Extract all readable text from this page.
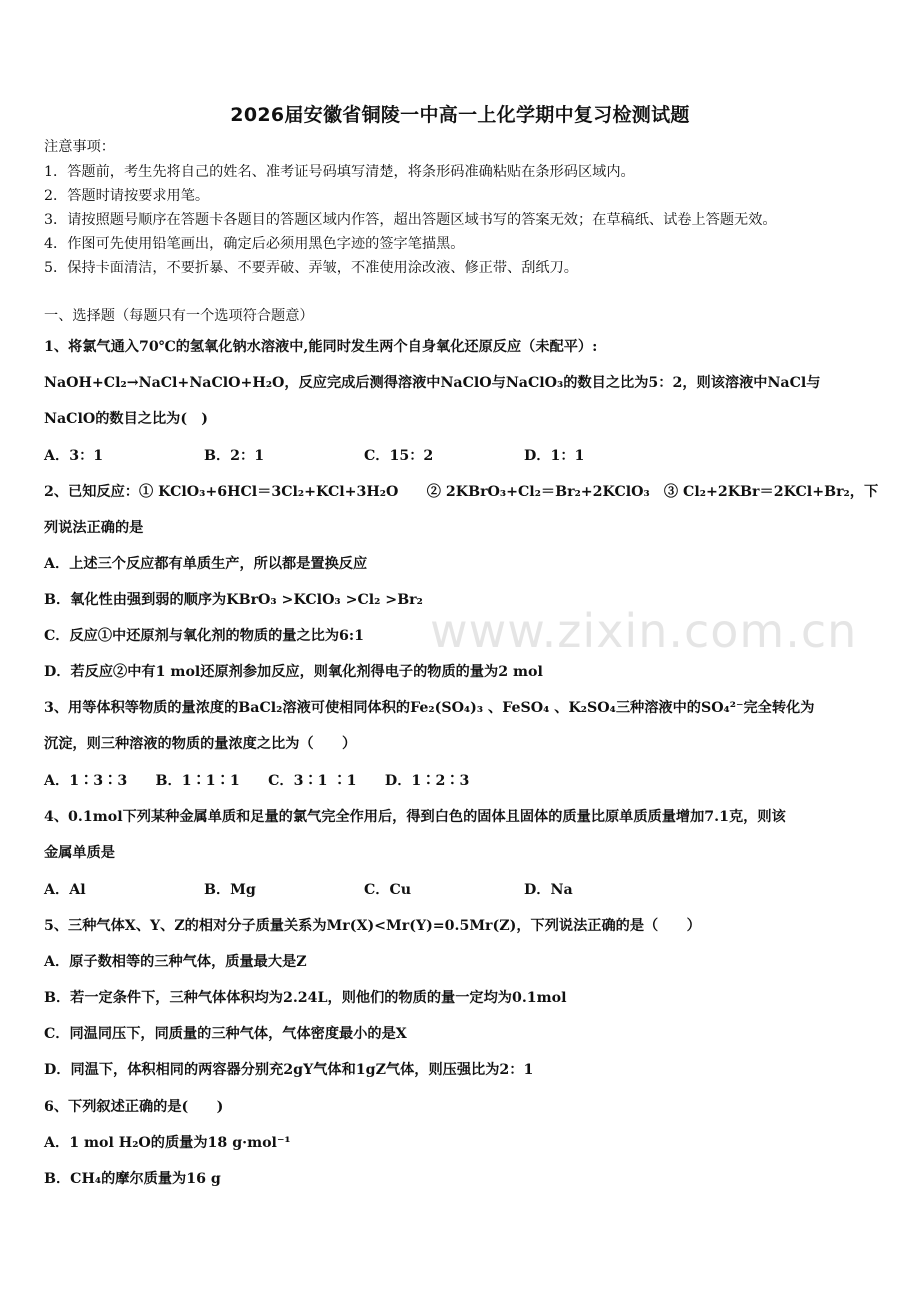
2026届安徽省铜陵一中高一上化学期中复习检测试题
注意事项：
1．答题前，考生先将自己的姓名、准考证号码填写清楚，将条形码准确粘贴在条形码区域内。
2．答题时请按要求用笔。
3．请按照题号顺序在答题卡各题目的答题区域内作答，超出答题区域书写的答案无效；在草稿纸、试卷上答题无效。
4．作图可先使用铅笔画出，确定后必须用黑色字迹的签字笔描黑。
5．保持卡面清洁，不要折暴、不要弄破、弄皱，不准使用涂改液、修正带、刮纸刀。
一、选择题（每题只有一个选项符合题意）
1、将氯气通入70℃的氢氧化钠水溶液中,能同时发生两个自身氧化还原反应（未配平）:
NaOH+Cl₂→NaCl+NaClO+H₂O，反应完成后测得溶液中NaClO与NaClO₃的数目之比为5：2，则该溶液中NaCl与
NaClO的数目之比为(　)
A．3：1	B．2：1	C．15：2	D．1：1
2、已知反应：① KClO₃+6HCl＝3Cl₂+KCl+3H₂O　　② 2KBrO₃+Cl₂＝Br₂+2KClO₃　③ Cl₂+2KBr＝2KCl+Br₂，下
列说法正确的是
A．上述三个反应都有单质生产，所以都是置换反应
B．氧化性由强到弱的顺序为KBrO₃ >KClO₃ >Cl₂ >Br₂
C．反应①中还原剂与氧化剂的物质的量之比为6:1
D．若反应②中有1 mol还原剂参加反应，则氧化剂得电子的物质的量为2 mol
3、用等体积等物质的量浓度的BaCl₂溶液可使相同体积的Fe₂(SO₄)₃ 、FeSO₄ 、K₂SO₄三种溶液中的SO₄²⁻完全转化为
沉淀，则三种溶液的物质的量浓度之比为（　　）
A．1∶3∶3　　B．1∶1∶1　　C．3∶1 ∶1　　D．1∶2∶3
4、0.1mol下列某种金属单质和足量的氯气完全作用后，得到白色的固体且固体的质量比原单质质量增加7.1克，则该
金属单质是
A．Al	B．Mg	C．Cu	D．Na
5、三种气体X、Y、Z的相对分子质量关系为Mr(X)<Mr(Y)=0.5Mr(Z)，下列说法正确的是（　　）
A．原子数相等的三种气体，质量最大是Z
B．若一定条件下，三种气体体积均为2.24L，则他们的物质的量一定均为0.1mol
C．同温同压下，同质量的三种气体，气体密度最小的是X
D．同温下，体积相同的两容器分别充2gY气体和1gZ气体，则压强比为2：1
6、下列叙述正确的是(　　)
A．1 mol H₂O的质量为18 g·mol⁻¹
B．CH₄的摩尔质量为16 g
www.zixin.com.cn
